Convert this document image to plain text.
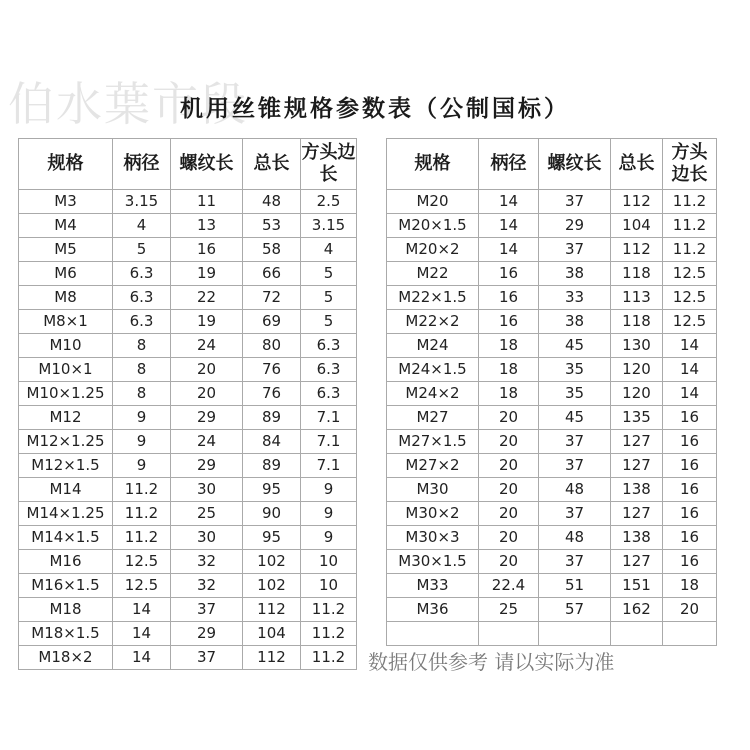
伯水葉市段
机用丝锥规格参数表（公制国标）
规格	柄径	螺纹长	总长	方头边长
M3	3.15	11	48	2.5
M4	4	13	53	3.15
M5	5	16	58	4
M6	6.3	19	66	5
M8	6.3	22	72	5
M8×1	6.3	19	69	5
M10	8	24	80	6.3
M10×1	8	20	76	6.3
M10×1.25	8	20	76	6.3
M12	9	29	89	7.1
M12×1.25	9	24	84	7.1
M12×1.5	9	29	89	7.1
M14	11.2	30	95	9
M14×1.25	11.2	25	90	9
M14×1.5	11.2	30	95	9
M16	12.5	32	102	10
M16×1.5	12.5	32	102	10
M18	14	37	112	11.2
M18×1.5	14	29	104	11.2
M18×2	14	37	112	11.2
规格	柄径	螺纹长	总长	方头边长
M20	14	37	112	11.2
M20×1.5	14	29	104	11.2
M20×2	14	37	112	11.2
M22	16	38	118	12.5
M22×1.5	16	33	113	12.5
M22×2	16	38	118	12.5
M24	18	45	130	14
M24×1.5	18	35	120	14
M24×2	18	35	120	14
M27	20	45	135	16
M27×1.5	20	37	127	16
M27×2	20	37	127	16
M30	20	48	138	16
M30×2	20	37	127	16
M30×3	20	48	138	16
M30×1.5	20	37	127	16
M33	22.4	51	151	18
M36	25	57	162	20

数据仅供参考 请以实际为准
